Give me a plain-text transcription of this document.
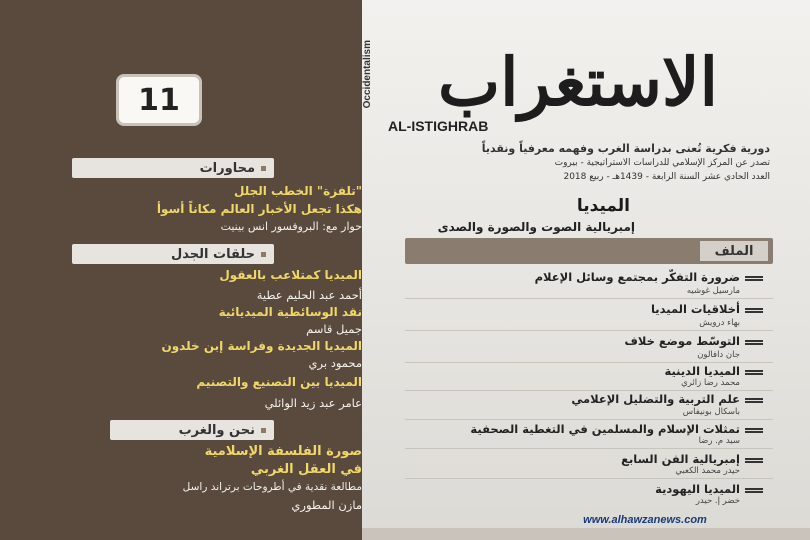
11
محاورات
"تلفزة" الخطب الجلل
هكذا تجعل الأخبار العالم مكاناً أسوأ
حوار مع: البروفسور انس بينيت
حلقات الجدل
الميديا كمتلاعب بالعقول
أحمد عبد الحليم عطية
نقد الوسائطية الميديائية
جميل قاسم
الميديا الجديدة وفراسة إبن خلدون
محمود بري
الميديا بين التصنيع والتصنيم
عامر عبد زيد الوائلي
نحن والغرب
صورة الفلسفة الإسلامية
في العقل الغربي
مطالعة نقدية في أطروحات برتراند راسل
مازن المطوري
Occidentalism الاستغراب
AL-ISTIGHRAB
دورية فكرية تُعنى بدراسة الغرب وفهمه معرفياً ونقدياً
تصدر عن المركز الإسلامي للدراسات الاستراتيجية - بيروت
العدد الحادي عشر السنة الرابعة - 1439هـ - ربيع 2018
الميديا
إمبريالية الصوت والصورة والصدى
الملف
ضرورة التفكّر بمجتمع وسائل الإعلام
مارسيل غوشيه
أخلاقيات الميديا
بهاء درويش
التوسّط موضع خلاف
جان دافالون
الميديا الدينية
محمد رضا زائري
علم التربية والتضليل الإعلامي
باسكال بونيفاس
تمثلات الإسلام والمسلمين في التغطية الصحفية
سيد م. رضا
إمبريالية الفن السابع
حيدر محمد الكعبي
الميديا اليهودية
خضر إ. حيدر
www.alhawzanews.com
